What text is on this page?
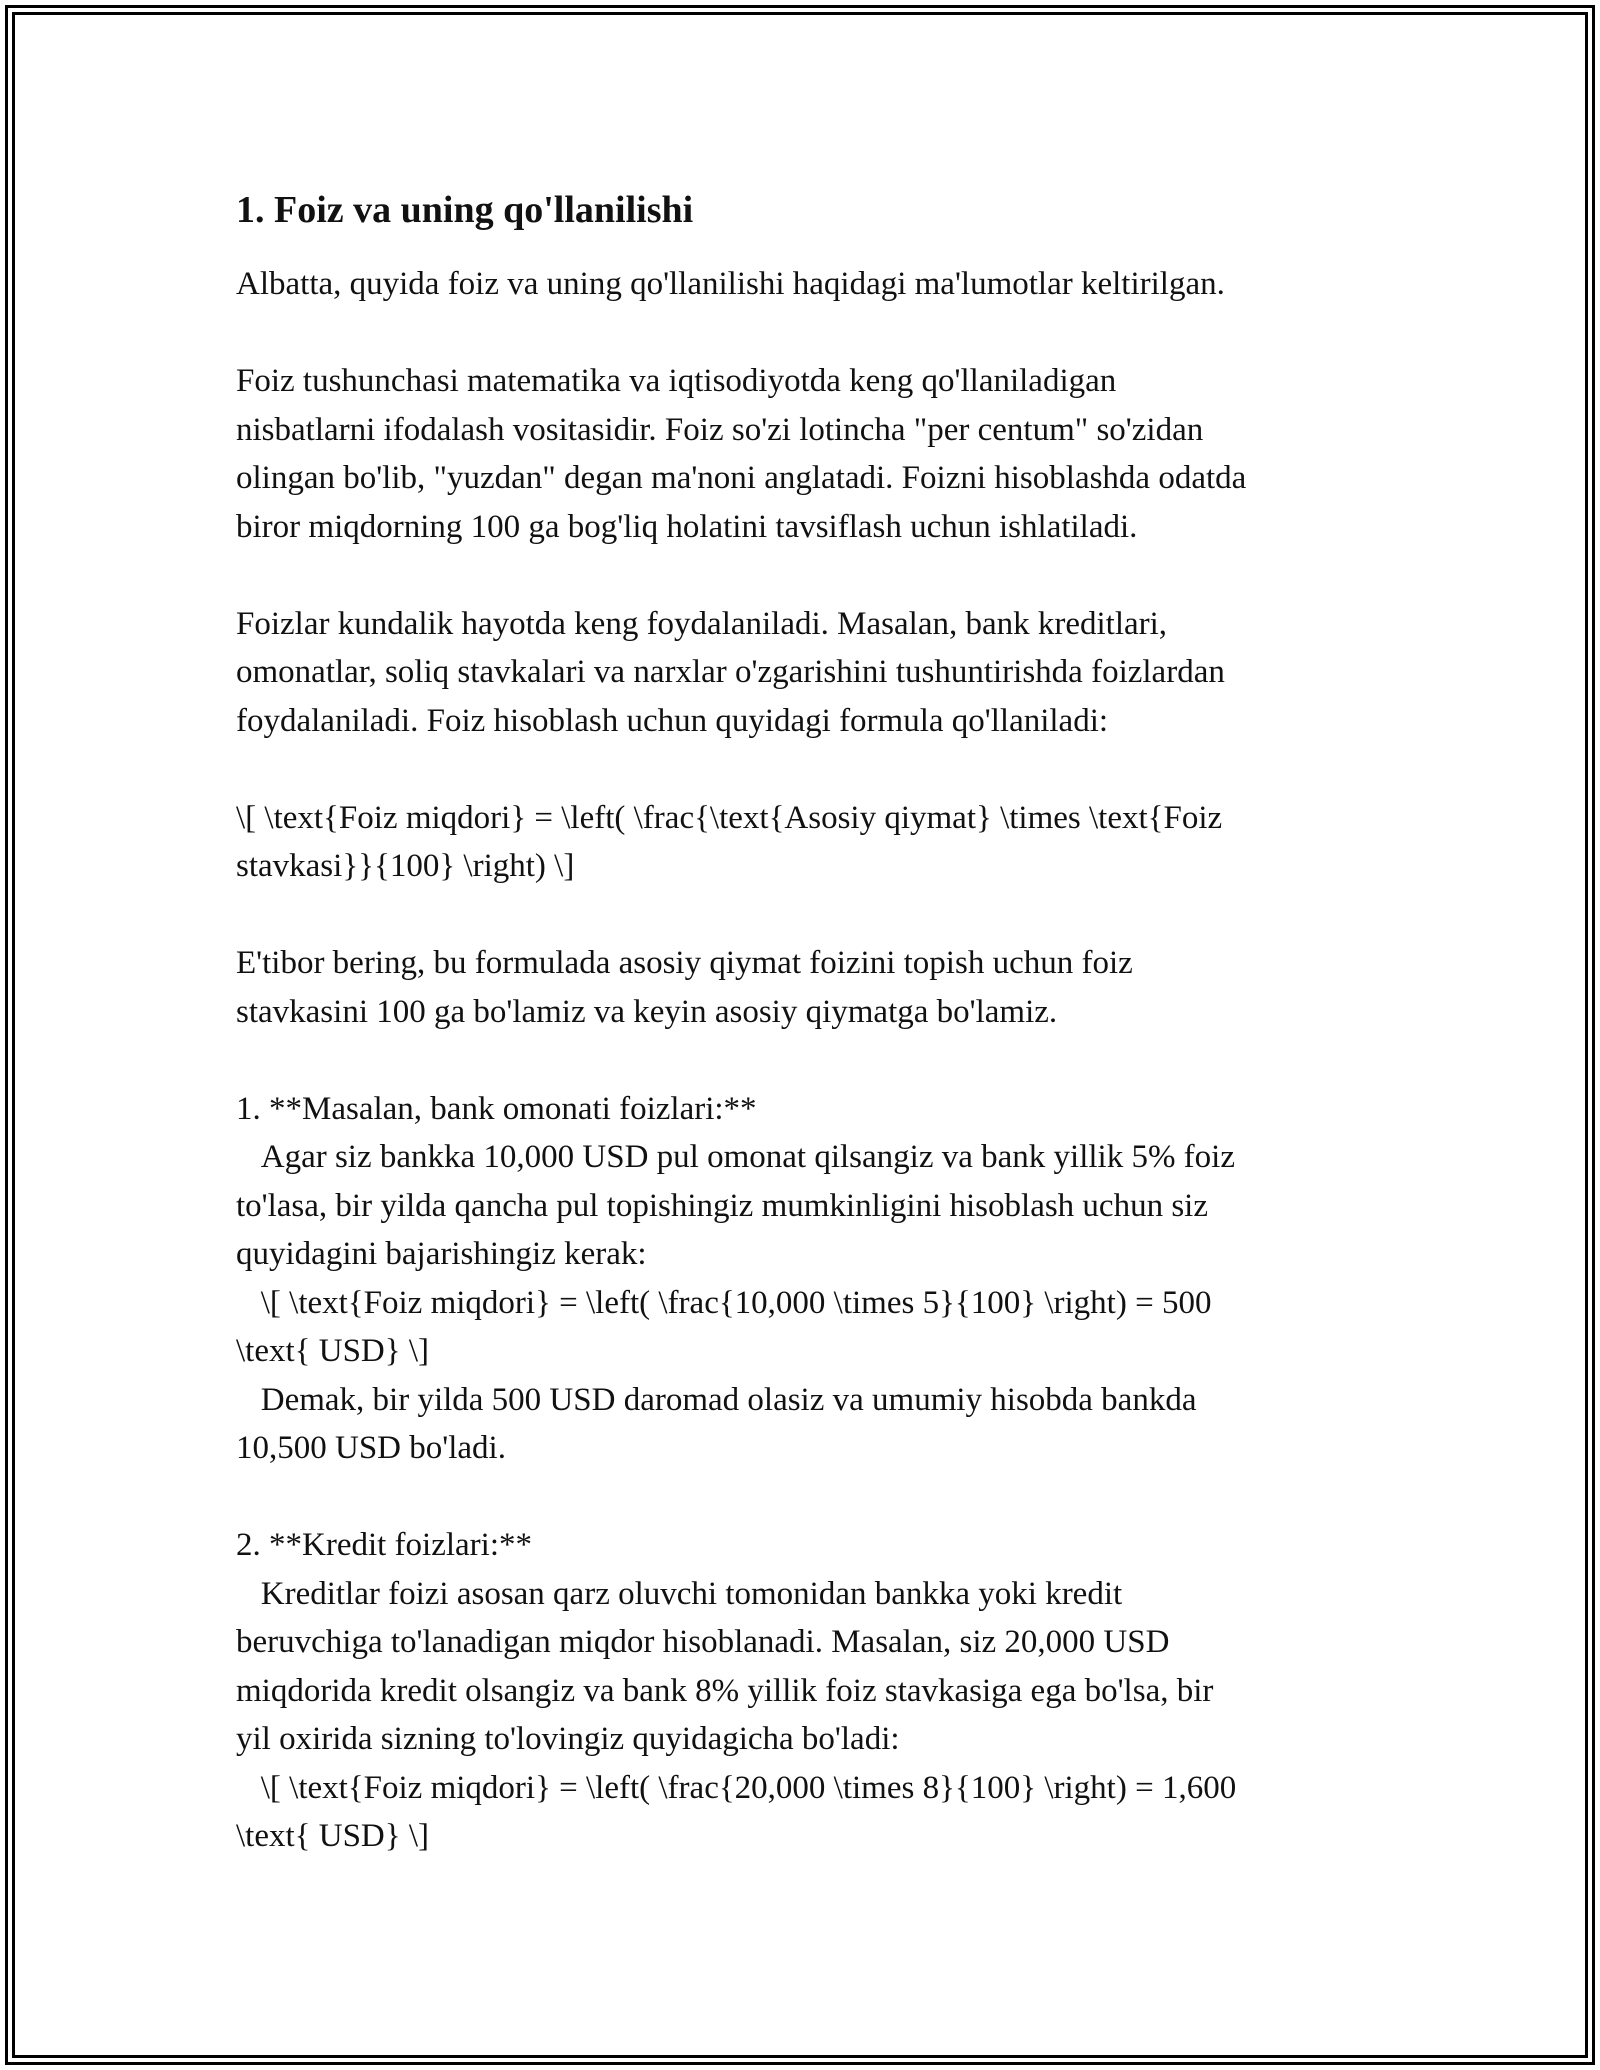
1. Foiz va uning qo'llanilishi
Albatta, quyida foiz va uning qo'llanilishi haqidagi ma'lumotlar keltirilgan.
Foiz tushunchasi matematika va iqtisodiyotda keng qo'llaniladigan
nisbatlarni ifodalash vositasidir. Foiz so'zi lotincha "per centum" so'zidan
olingan bo'lib, "yuzdan" degan ma'noni anglatadi. Foizni hisoblashda odatda
biror miqdorning 100 ga bog'liq holatini tavsiflash uchun ishlatiladi.
Foizlar kundalik hayotda keng foydalaniladi. Masalan, bank kreditlari,
omonatlar, soliq stavkalari va narxlar o'zgarishini tushuntirishda foizlardan
foydalaniladi. Foiz hisoblash uchun quyidagi formula qo'llaniladi:
\[ \text{Foiz miqdori} = \left( \frac{\text{Asosiy qiymat} \times \text{Foiz
stavkasi}}{100} \right) \]
E'tibor bering, bu formulada asosiy qiymat foizini topish uchun foiz
stavkasini 100 ga bo'lamiz va keyin asosiy qiymatga bo'lamiz.
1. **Masalan, bank omonati foizlari:**
Agar siz bankka 10,000 USD pul omonat qilsangiz va bank yillik 5% foiz
to'lasa, bir yilda qancha pul topishingiz mumkinligini hisoblash uchun siz
quyidagini bajarishingiz kerak:
\[ \text{Foiz miqdori} = \left( \frac{10,000 \times 5}{100} \right) = 500
\text{ USD} \]
Demak, bir yilda 500 USD daromad olasiz va umumiy hisobda bankda
10,500 USD bo'ladi.
2. **Kredit foizlari:**
Kreditlar foizi asosan qarz oluvchi tomonidan bankka yoki kredit
beruvchiga to'lanadigan miqdor hisoblanadi. Masalan, siz 20,000 USD
miqdorida kredit olsangiz va bank 8% yillik foiz stavkasiga ega bo'lsa, bir
yil oxirida sizning to'lovingiz quyidagicha bo'ladi:
\[ \text{Foiz miqdori} = \left( \frac{20,000 \times 8}{100} \right) = 1,600
\text{ USD} \]
